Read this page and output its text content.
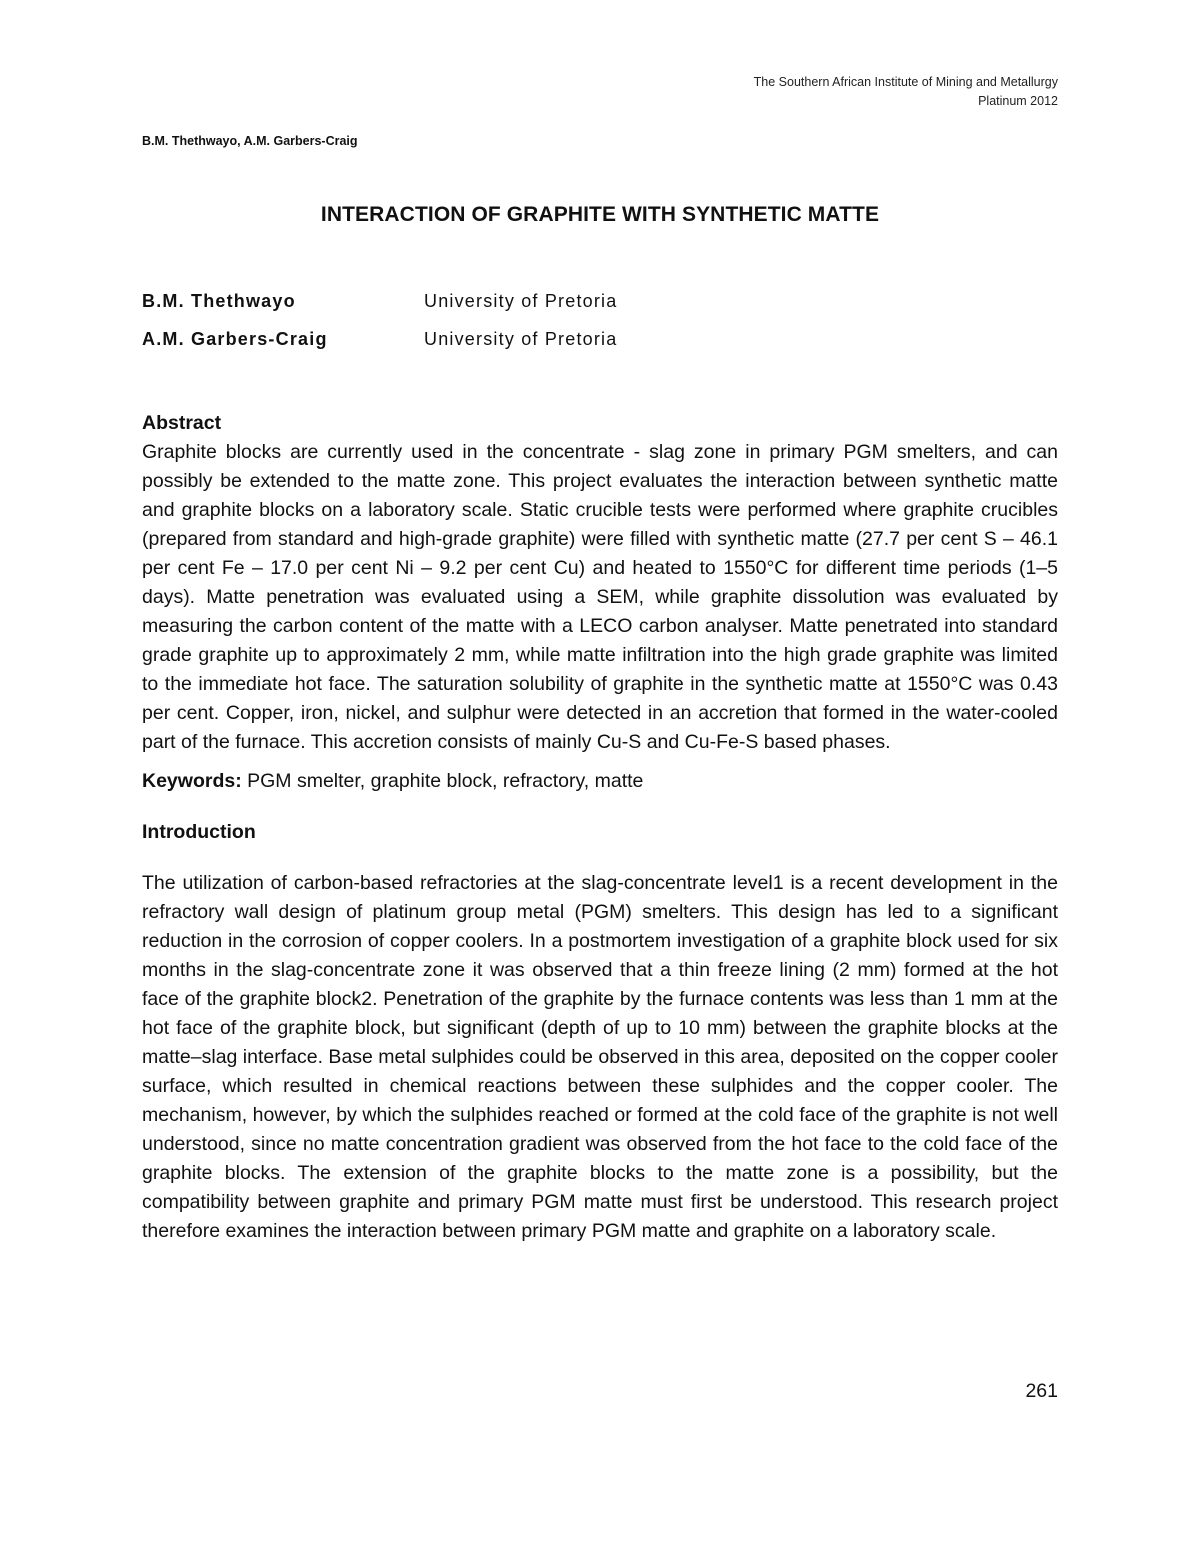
The Southern African Institute of Mining and Metallurgy
Platinum 2012
B.M. Thethwayo, A.M. Garbers-Craig
INTERACTION OF GRAPHITE WITH SYNTHETIC MATTE
B.M. Thethwayo	University of Pretoria
A.M. Garbers-Craig	University of Pretoria
Abstract

Graphite blocks are currently used in the concentrate - slag zone in primary PGM smelters, and can possibly be extended to the matte zone. This project evaluates the interaction between synthetic matte and graphite blocks on a laboratory scale. Static crucible tests were performed where graphite crucibles (prepared from standard and high-grade graphite) were filled with synthetic matte (27.7 per cent S – 46.1 per cent Fe – 17.0 per cent Ni – 9.2 per cent Cu) and heated to 1550°C for different time periods (1–5 days). Matte penetration was evaluated using a SEM, while graphite dissolution was evaluated by measuring the carbon content of the matte with a LECO carbon analyser. Matte penetrated into standard grade graphite up to approximately 2 mm, while matte infiltration into the high grade graphite was limited to the immediate hot face. The saturation solubility of graphite in the synthetic matte at 1550°C was 0.43 per cent. Copper, iron, nickel, and sulphur were detected in an accretion that formed in the water-cooled part of the furnace. This accretion consists of mainly Cu-S and Cu-Fe-S based phases.

Keywords: PGM smelter, graphite block, refractory, matte

Introduction

The utilization of carbon-based refractories at the slag-concentrate level1 is a recent development in the refractory wall design of platinum group metal (PGM) smelters. This design has led to a significant reduction in the corrosion of copper coolers. In a postmortem investigation of a graphite block used for six months in the slag-concentrate zone it was observed that a thin freeze lining (2 mm) formed at the hot face of the graphite block2. Penetration of the graphite by the furnace contents was less than 1 mm at the hot face of the graphite block, but significant (depth of up to 10 mm) between the graphite blocks at the matte–slag interface. Base metal sulphides could be observed in this area, deposited on the copper cooler surface, which resulted in chemical reactions between these sulphides and the copper cooler. The mechanism, however, by which the sulphides reached or formed at the cold face of the graphite is not well understood, since no matte concentration gradient was observed from the hot face to the cold face of the graphite blocks. The extension of the graphite blocks to the matte zone is a possibility, but the compatibility between graphite and primary PGM matte must first be understood. This research project therefore examines the interaction between primary PGM matte and graphite on a laboratory scale.

261
